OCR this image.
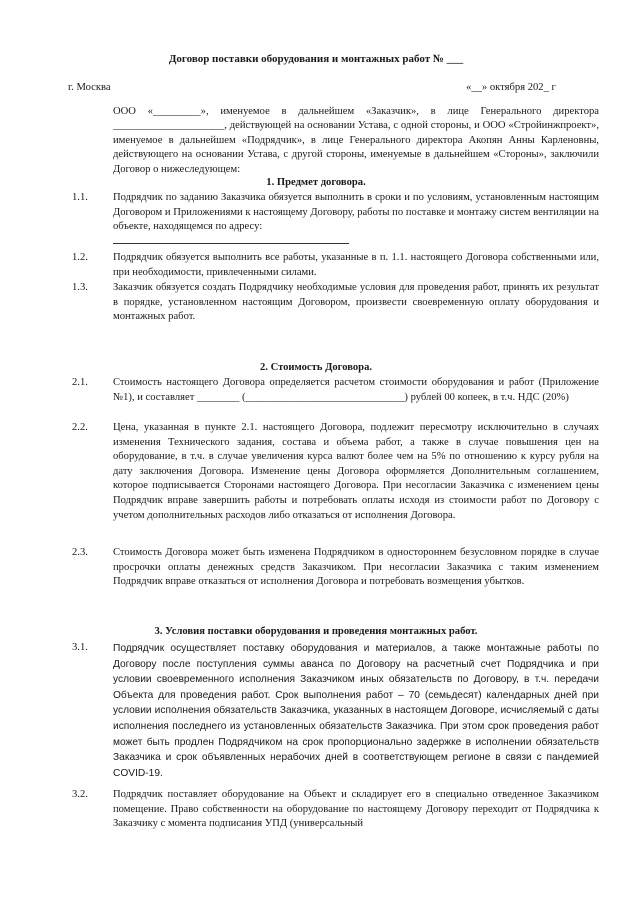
Договор поставки оборудования и монтажных работ № ___
г. Москва	«__» октября 202_ г
ООО «_________», именуемое в дальнейшем «Заказчик», в лице Генерального директора _____________________, действующей на основании Устава, с одной стороны, и ООО «Стройинжпроект», именуемое в дальнейшем «Подрядчик», в лице Генерального директора Акопян Анны Карленовны, действующего на основании Устава, с другой стороны, именуемые в дальнейшем «Стороны», заключили Договор о нижеследующем:
1. Предмет договора.
1.1. Подрядчик по заданию Заказчика обязуется выполнить в сроки и по условиям, установленным настоящим Договором и Приложениями к настоящему Договору, работы по поставке и монтажу систем вентиляции на объекте, находящемся по адресу:
1.2. Подрядчик обязуется выполнить все работы, указанные в п. 1.1. настоящего Договора собственными или, при необходимости, привлеченными силами.
1.3. Заказчик обязуется создать Подрядчику необходимые условия для проведения работ, принять их результат в порядке, установленном настоящим Договором, произвести своевременную оплату оборудования и монтажных работ.
2. Стоимость Договора.
2.1. Стоимость настоящего Договора определяется расчетом стоимости оборудования и работ (Приложение №1), и составляет ________ (______________________________) рублей 00 копеек, в т.ч. НДС (20%)
2.2. Цена, указанная в пункте 2.1. настоящего Договора, подлежит пересмотру исключительно в случаях изменения Технического задания, состава и объема работ, а также в случае повышения цен на оборудование, в т.ч. в случае увеличения курса валют более чем на 5% по отношению к курсу рубля на дату заключения Договора. Изменение цены Договора оформляется Дополнительным соглашением, которое подписывается Сторонами настоящего Договора. При несогласии Заказчика с изменением цены Подрядчик вправе завершить работы и потребовать оплаты исходя из стоимости работ по Договору с учетом дополнительных расходов либо отказаться от исполнения Договора.
2.3. Стоимость Договора может быть изменена Подрядчиком в одностороннем безусловном порядке в случае просрочки оплаты денежных средств Заказчиком. При несогласии Заказчика с таким изменением Подрядчик вправе отказаться от исполнения Договора и потребовать возмещения убытков.
3. Условия поставки оборудования и проведения монтажных работ.
3.1. Подрядчик осуществляет поставку оборудования и материалов, а также монтажные работы по Договору после поступления суммы аванса по Договору на расчетный счет Подрядчика и при условии своевременного исполнения Заказчиком иных обязательств по Договору, в т.ч. передачи Объекта для проведения работ. Срок выполнения работ – 70 (семьдесят) календарных дней при условии исполнения обязательств Заказчика, указанных в настоящем Договоре, исчисляемый с даты исполнения последнего из установленных обязательств Заказчика. При этом срок проведения работ может быть продлен Подрядчиком на срок пропорционально задержке в исполнении обязательств Заказчика и срок объявленных нерабочих дней в соответствующем регионе в связи с пандемией COVID-19.
3.2. Подрядчик поставляет оборудование на Объект и складирует его в специально отведенное Заказчиком помещение. Право собственности на оборудование по настоящему Договору переходит от Подрядчика к Заказчику с момента подписания УПД (универсальный
